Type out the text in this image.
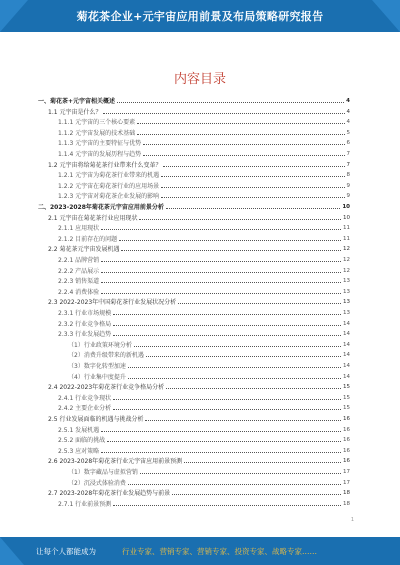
菊花茶企业+元宇宙应用前景及布局策略研究报告
内容目录
一、菊花茶+元宇宙相关概述	4
1.1 元宇宙是什么？	4
1.1.1 元宇宙的三个核心要素	4
1.1.2 元宇宙发展的技术基础	5
1.1.3 元宇宙的主要特征与优势	6
1.1.4 元宇宙的发展历程与趋势	7
1.2 元宇宙将给菊花茶行业带来什么变革？	7
1.2.1 元宇宙为菊花茶行业带来的机遇	8
1.2.2 元宇宙在菊花茶行业的应用场景	9
1.2.3 元宇宙对菊花茶企业发展的影响	9
二、2023-2028年菊花茶元宇宙应用前景分析	10
2.1 元宇宙在菊花茶行业应用现状	10
2.1.1 应用现状	11
2.1.2 目前存在的问题	11
2.2 菊花茶元宇宙发展机遇	12
2.2.1 品牌营销	12
2.2.2 产品展示	12
2.2.3 销售渠道	13
2.2.4 消费体验	13
2.3 2022-2023年中国菊花茶行业发展状况分析	13
2.3.1 行业市场规模	13
2.3.2 行业竞争格局	14
2.3.3 行业发展趋势	14
（1）行业政策环境分析	14
（2）消费升级带来的新机遇	14
（3）数字化转型加速	14
（4）行业集中度提升	14
2.4 2022-2023年菊花茶行业竞争格局分析	15
2.4.1 行业竞争现状	15
2.4.2 主要企业分析	15
2.5 行业发展面临的机遇与挑战分析	16
2.5.1 发展机遇	16
2.5.2 面临的挑战	16
2.5.3 应对策略	16
2.6 2023-2028年菊花茶行业元宇宙应用前景预测	16
（1）数字藏品与虚拟营销	17
（2）沉浸式体验消费	17
2.7 2023-2028年菊花茶行业发展趋势与前景	18
2.7.1 行业前景预测	18
1
让每个人都能成为	行业专家、营销专家、营销专家、投资专家、战略专家……
